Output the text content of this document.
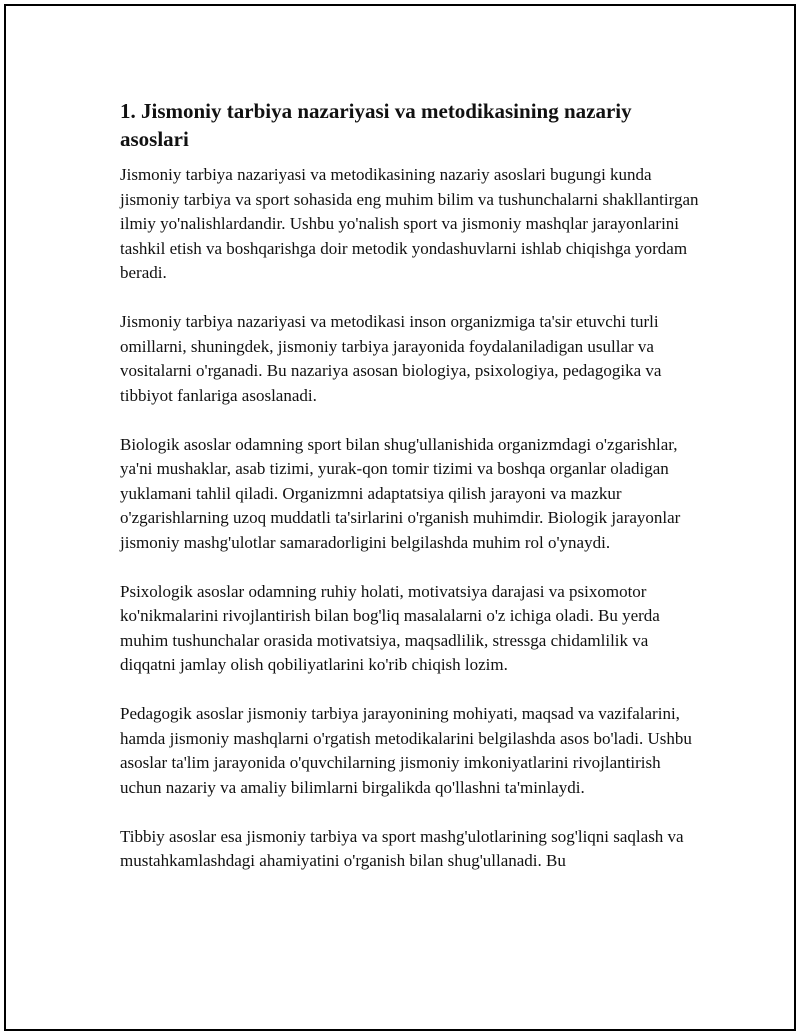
1. Jismoniy tarbiya nazariyasi va metodikasining nazariy asoslari

Jismoniy tarbiya nazariyasi va metodikasining nazariy asoslari bugungi kunda jismoniy tarbiya va sport sohasida eng muhim bilim va tushunchalarni shakllantirgan ilmiy yo'nalishlardandir. Ushbu yo'nalish sport va jismoniy mashqlar jarayonlarini tashkil etish va boshqarishga doir metodik yondashuvlarni ishlab chiqishga yordam beradi.

Jismoniy tarbiya nazariyasi va metodikasi inson organizmiga ta'sir etuvchi turli omillarni, shuningdek, jismoniy tarbiya jarayonida foydalaniladigan usullar va vositalarni o'rganadi. Bu nazariya asosan biologiya, psixologiya, pedagogika va tibbiyot fanlariga asoslanadi.

Biologik asoslar odamning sport bilan shug'ullanishida organizmdagi o'zgarishlar, ya'ni mushaklar, asab tizimi, yurak-qon tomir tizimi va boshqa organlar oladigan yuklamani tahlil qiladi. Organizmni adaptatsiya qilish jarayoni va mazkur o'zgarishlarning uzoq muddatli ta'sirlarini o'rganish muhimdir. Biologik jarayonlar jismoniy mashg'ulotlar samaradorligini belgilashda muhim rol o'ynaydi.

Psixologik asoslar odamning ruhiy holati, motivatsiya darajasi va psixomotor ko'nikmalarini rivojlantirish bilan bog'liq masalalarni o'z ichiga oladi. Bu yerda muhim tushunchalar orasida motivatsiya, maqsadlilik, stressga chidamlilik va diqqatni jamlay olish qobiliyatlarini ko'rib chiqish lozim.

Pedagogik asoslar jismoniy tarbiya jarayonining mohiyati, maqsad va vazifalarini, hamda jismoniy mashqlarni o'rgatish metodikalarini belgilashda asos bo'ladi. Ushbu asoslar ta'lim jarayonida o'quvchilarning jismoniy imkoniyatlarini rivojlantirish uchun nazariy va amaliy bilimlarni birgalikda qo'llashni ta'minlaydi.

Tibbiy asoslar esa jismoniy tarbiya va sport mashg'ulotlarining sog'liqni saqlash va mustahkamlashdagi ahamiyatini o'rganish bilan shug'ullanadi. Bu
